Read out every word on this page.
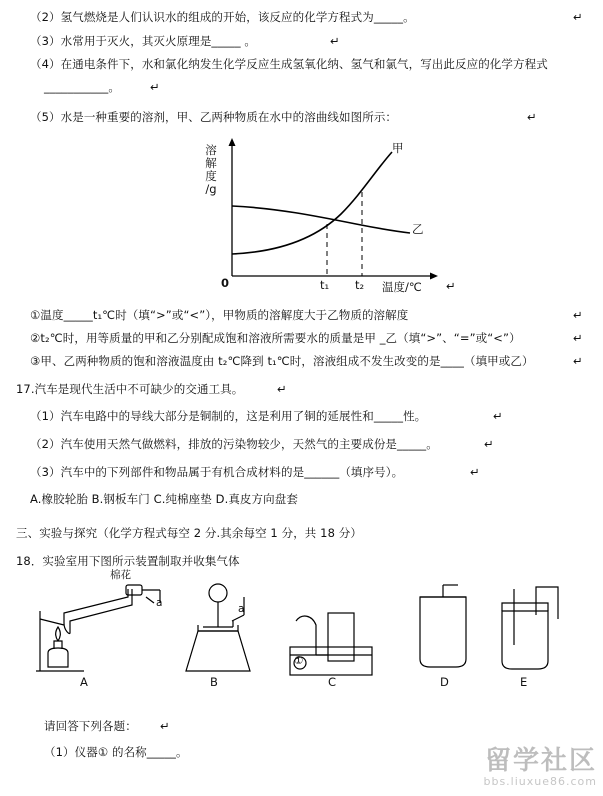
（2）氢气燃烧是人们认识水的组成的开始，该反应的化学方程式为_____。	↵
（3）水常用于灭火，其灭火原理是_____ 。	↵
（4）在通电条件下，水和氯化纳发生化学反应生成氢氧化纳、氢气和氯气，写出此反应的化学方程式
___________。	↵
（5）水是一种重要的溶剂，甲、乙两种物质在水中的溶曲线如图所示：	↵
溶
解
度
/g
甲
乙
0	t₁ t₂ 温度/℃ ↵
①温度_____t₁℃时（填“>”或“<”），甲物质的溶解度大于乙物质的溶解度	↵
②t₂℃时，用等质量的甲和乙分别配成饱和溶液所需要水的质量是甲 _乙（填“>”、“=”或“<”）	↵
③甲、乙两种物质的饱和溶液温度由 t₂℃降到 t₁℃时，溶液组成不发生改变的是____（填甲或乙）	↵
17.汽车是现代生活中不可缺少的交通工具。	↵
（1）汽车电路中的导线大部分是铜制的，这是利用了铜的延展性和_____性。	↵
（2）汽车使用天然气做燃料，排放的污染物较少，天然气的主要成份是_____。	↵
（3）汽车中的下列部件和物品属于有机合成材料的是______（填序号）。	↵
A.橡胶轮胎 B.钢板车门 C.纯棉座垫 D.真皮方向盘套
三、实验与探究（化学方程式每空 2 分.其余每空 1 分，共 18 分）
18．实验室用下图所示装置制取并收集气体
A	B	C	D	E
棉花
a	a
①
请回答下列各题： ↵
（1）仪器① 的名称_____。	留学社区
bbs.liuxue86.com
